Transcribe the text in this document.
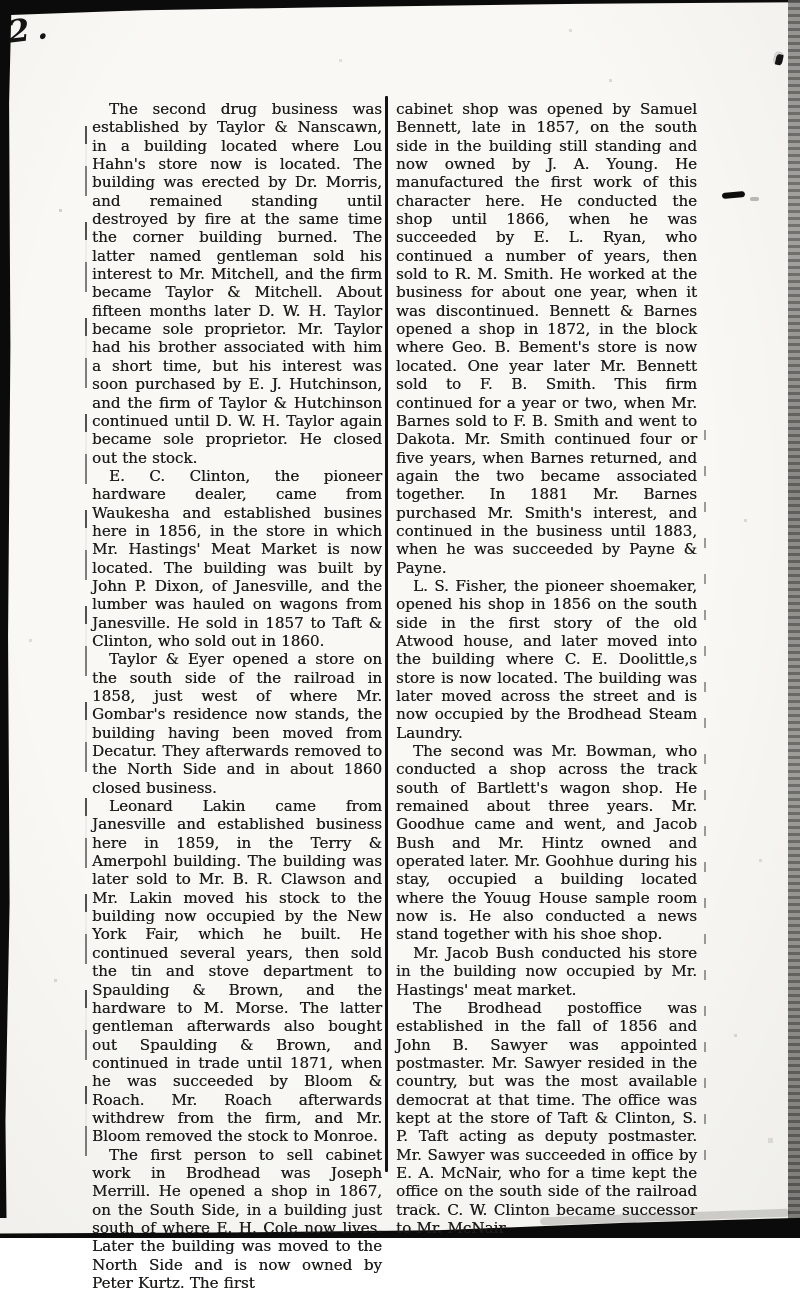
2.

The second drug business was established by Taylor & Nanscawn, in a building located where Lou Hahn's store now is located. The building was erected by Dr. Morris, and remained standing until destroyed by fire at the same time the corner building burned. The latter named gentleman sold his interest to Mr. Mitchell, and the firm became Taylor & Mitchell. About fifteen months later D. W. H. Taylor became sole proprietor. Mr. Taylor had his brother associated with him a short time, but his interest was soon purchased by E. J. Hutchinson, and the firm of Taylor & Hutchinson continued until D. W. H. Taylor again became sole proprietor. He closed out the stock.

E. C. Clinton, the pioneer hardware dealer, came from Waukesha and established busines here in 1856, in the store in which Mr. Hastings' Meat Market is now located. The building was built by John P. Dixon, of Janesville, and the lumber was hauled on wagons from Janesville. He sold in 1857 to Taft & Clinton, who sold out in 1860.

Taylor & Eyer opened a store on the south side of the railroad in 1858, just west of where Mr. Gombar's residence now stands, the building having been moved from Decatur. They afterwards removed to the North Side and in about 1860 closed business.

Leonard Lakin came from Janesville and established business here in 1859, in the Terry & Amerpohl building. The building was later sold to Mr. B. R. Clawson and Mr. Lakin moved his stock to the building now occupied by the New York Fair, which he built. He continued several years, then sold the tin and stove department to Spaulding & Brown, and the hardware to M. Morse. The latter gentleman afterwards also bought out Spaulding & Brown, and continued in trade until 1871, when he was succeeded by Bloom & Roach. Mr. Roach afterwards withdrew from the firm, and Mr. Bloom removed the stock to Monroe.

The first person to sell cabinet work in Brodhead was Joseph Merrill. He opened a shop in 1867, on the South Side, in a building just south of where E. H. Cole now lives. Later the building was moved to the North Side and is now owned by Peter Kurtz. The first

cabinet shop was opened by Samuel Bennett, late in 1857, on the south side in the building still standing and now owned by J. A. Young. He manufactured the first work of this character here. He conducted the shop until 1866, when he was succeeded by E. L. Ryan, who continued a number of years, then sold to R. M. Smith. He worked at the business for about one year, when it was discontinued. Bennett & Barnes opened a shop in 1872, in the block where Geo. B. Bement's store is now located. One year later Mr. Bennett sold to F. B. Smith. This firm continued for a year or two, when Mr. Barnes sold to F. B. Smith and went to Dakota. Mr. Smith continued four or five years, when Barnes returned, and again the two became associated together. In 1881 Mr. Barnes purchased Mr. Smith's interest, and continued in the business until 1883, when he was succeeded by Payne & Payne.

L. S. Fisher, the pioneer shoemaker, opened his shop in 1856 on the south side in the first story of the old Atwood house, and later moved into the building where C. E. Doolittle,s store is now located. The building was later moved across the street and is now occupied by the Brodhead Steam Laundry.

The second was Mr. Bowman, who conducted a shop across the track south of Bartlett's wagon shop. He remained about three years. Mr. Goodhue came and went, and Jacob Bush and Mr. Hintz owned and operated later. Mr. Goohhue during his stay, occupied a building located where the Youug House sample room now is. He also conducted a news stand together with his shoe shop.

Mr. Jacob Bush conducted his store in the building now occupied by Mr. Hastings' meat market.

The Brodhead postoffice was established in the fall of 1856 and John B. Sawyer was appointed postmaster. Mr. Sawyer resided in the country, but was the most available democrat at that time. The office was kept at the store of Taft & Clinton, S. P. Taft acting as deputy postmaster. Mr. Sawyer was succeeded in office by E. A. McNair, who for a time kept the office on the south side of the railroad track. C. W. Clinton became successor to Mr. McNair
